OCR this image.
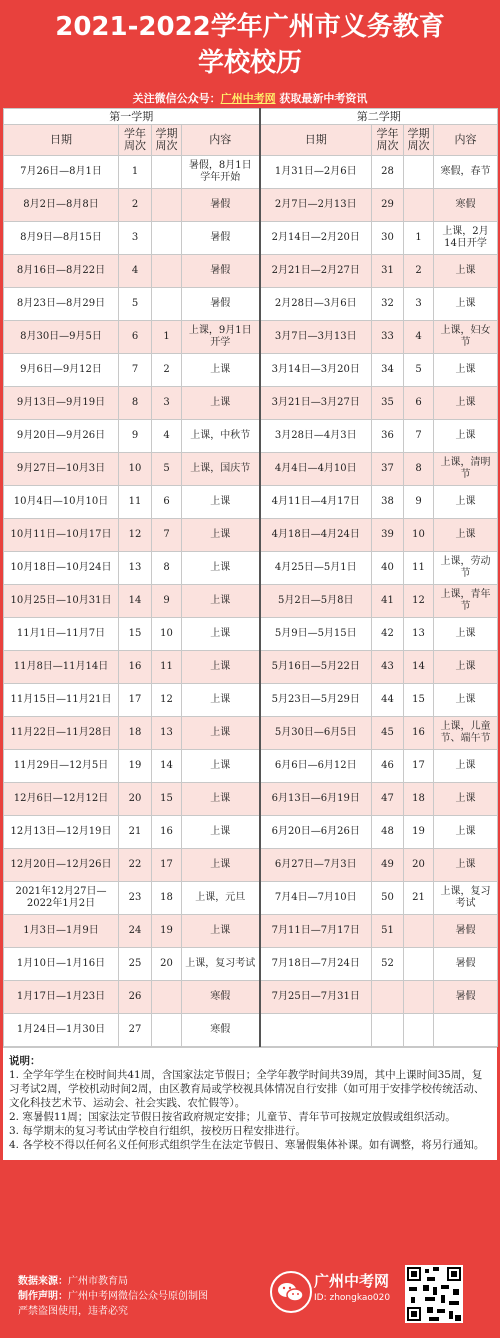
2021-2022学年广州市义务教育
学校校历
关注微信公众号：广州中考网 获取最新中考资讯
第一学期				第二学期			
日期	学年周次	学期周次	内容	日期	学年周次	学期周次	内容
7月26日—8月1日	1		暑假，8月1日学年开始	1月31日—2月6日	28		寒假，春节
8月2日—8月8日	2		暑假	2月7日—2月13日	29		寒假
8月9日—8月15日	3		暑假	2月14日—2月20日	30	1	上课，2月14日开学
8月16日—8月22日	4		暑假	2月21日—2月27日	31	2	上课
8月23日—8月29日	5		暑假	2月28日—3月6日	32	3	上课
8月30日—9月5日	6	1	上课，9月1日开学	3月7日—3月13日	33	4	上课，妇女节
9月6日—9月12日	7	2	上课	3月14日—3月20日	34	5	上课
9月13日—9月19日	8	3	上课	3月21日—3月27日	35	6	上课
9月20日—9月26日	9	4	上课，中秋节	3月28日—4月3日	36	7	上课
9月27日—10月3日	10	5	上课，国庆节	4月4日—4月10日	37	8	上课，清明节
10月4日—10月10日	11	6	上课	4月11日—4月17日	38	9	上课
10月11日—10月17日	12	7	上课	4月18日—4月24日	39	10	上课
10月18日—10月24日	13	8	上课	4月25日—5月1日	40	11	上课，劳动节
10月25日—10月31日	14	9	上课	5月2日—5月8日	41	12	上课，青年节
11月1日—11月7日	15	10	上课	5月9日—5月15日	42	13	上课
11月8日—11月14日	16	11	上课	5月16日—5月22日	43	14	上课
11月15日—11月21日	17	12	上课	5月23日—5月29日	44	15	上课
11月22日—11月28日	18	13	上课	5月30日—6月5日	45	16	上课，儿童节、端午节
11月29日—12月5日	19	14	上课	6月6日—6月12日	46	17	上课
12月6日—12月12日	20	15	上课	6月13日—6月19日	47	18	上课
12月13日—12月19日	21	16	上课	6月20日—6月26日	48	19	上课
12月20日—12月26日	22	17	上课	6月27日—7月3日	49	20	上课
2021年12月27日—2022年1月2日	23	18	上课，元旦	7月4日—7月10日	50	21	上课，复习考试
1月3日—1月9日	24	19	上课	7月11日—7月17日	51		暑假
1月10日—1月16日	25	20	上课，复习考试	7月18日—7月24日	52		暑假
1月17日—1月23日	26		寒假	7月25日—7月31日			暑假
1月24日—1月30日	27		寒假				

说明：

1. 全学年学生在校时间共41周，含国家法定节假日；全学年教学时间共39周，其中上课时间35周，复习考试2周，学校机动时间2周，由区教育局或学校视具体情况自行安排（如可用于安排学校传统活动、文化科技艺术节、运动会、社会实践、农忙假等）。

2. 寒暑假11周；国家法定节假日按省政府规定安排；儿童节、青年节可按规定放假或组织活动。

3. 每学期末的复习考试由学校自行组织，按校历日程安排进行。

4. 各学校不得以任何名义任何形式组织学生在法定节假日、寒暑假集体补课。如有调整，将另行通知。

数据来源：广州市教育局
制作声明：广州中考网微信公众号原创制图
严禁盗图使用，违者必究
广州中考网
ID: zhongkao020
